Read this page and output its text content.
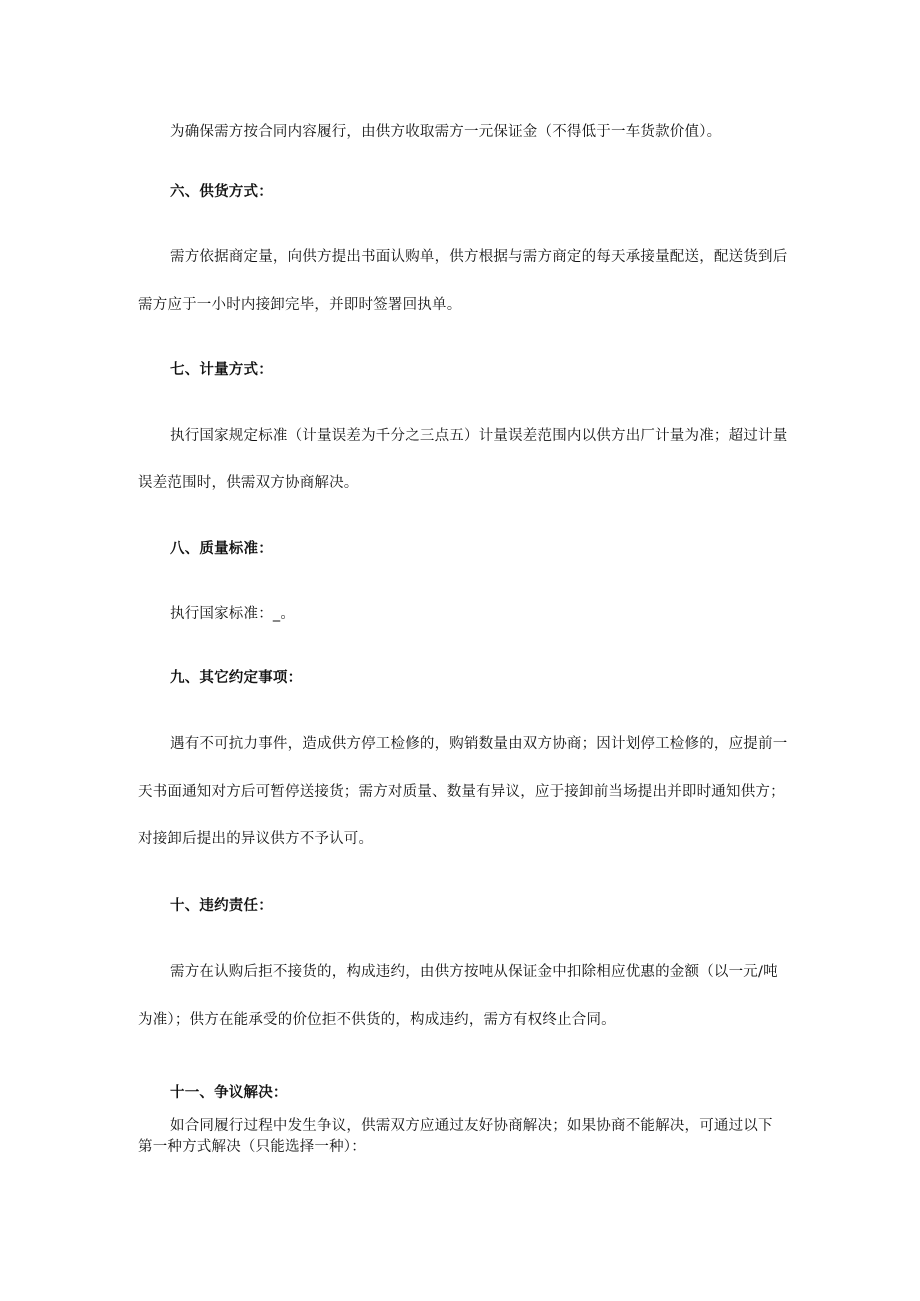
为确保需方按合同内容履行，由供方收取需方一元保证金（不得低于一车货款价值）。
六、供货方式：
需方依据商定量，向供方提出书面认购单，供方根据与需方商定的每天承接量配送，配送货到后
需方应于一小时内接卸完毕，并即时签署回执单。
七、计量方式：
执行国家规定标准（计量误差为千分之三点五）计量误差范围内以供方出厂计量为准；超过计量
误差范围时，供需双方协商解决。
八、质量标准：
执行国家标准：_。
九、其它约定事项：
遇有不可抗力事件，造成供方停工检修的，购销数量由双方协商；因计划停工检修的，应提前一
天书面通知对方后可暂停送接货；需方对质量、数量有异议，应于接卸前当场提出并即时通知供方；
对接卸后提出的异议供方不予认可。
十、违约责任：
需方在认购后拒不接货的，构成违约，由供方按吨从保证金中扣除相应优惠的金额（以一元/吨
为准）；供方在能承受的价位拒不供货的，构成违约，需方有权终止合同。
十一、争议解决：
如合同履行过程中发生争议，供需双方应通过友好协商解决；如果协商不能解决，可通过以下
第一种方式解决（只能选择一种）：
